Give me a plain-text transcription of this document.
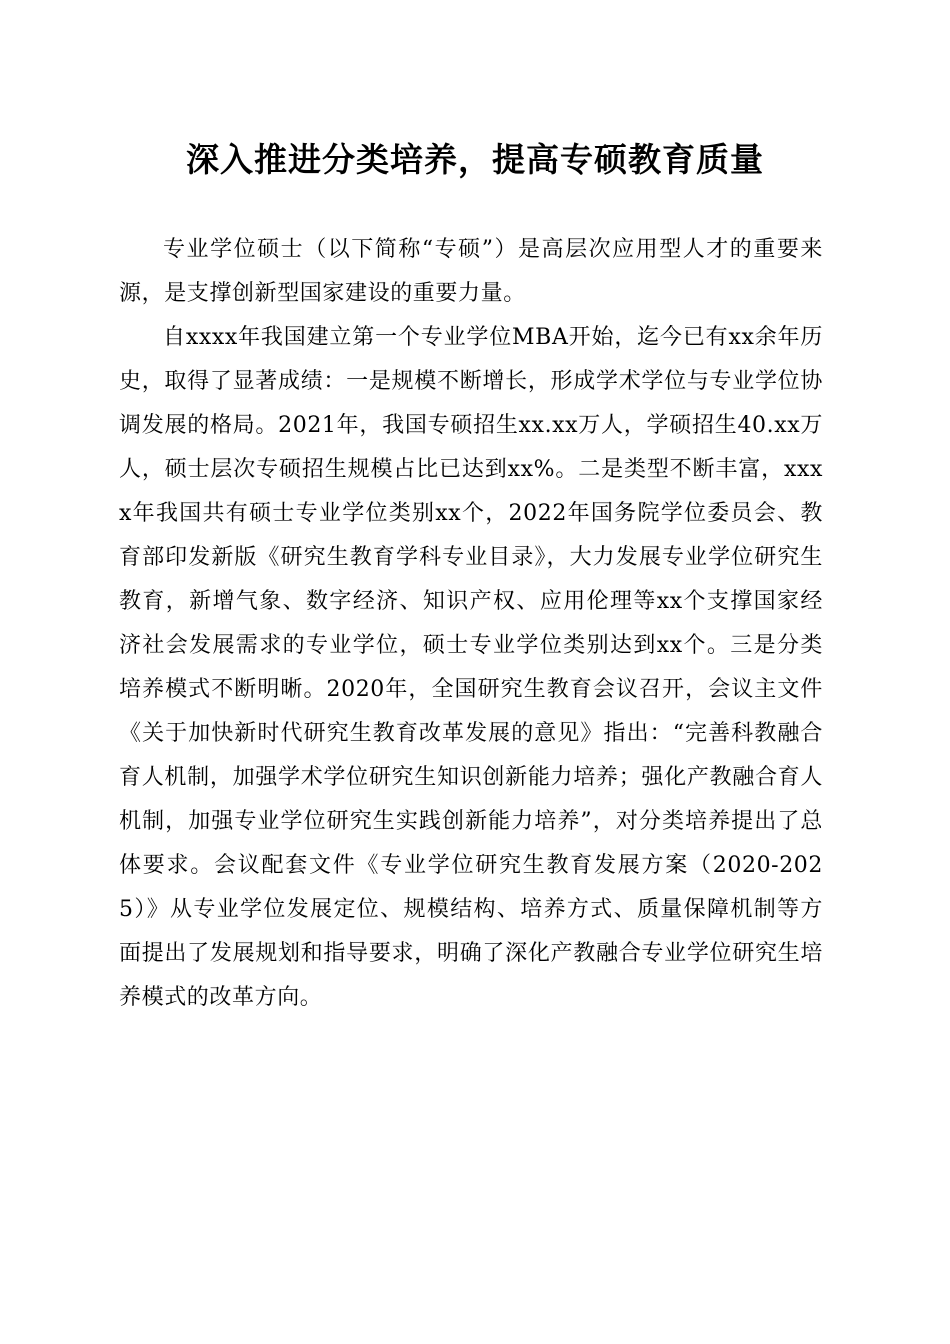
深入推进分类培养，提高专硕教育质量

专业学位硕士（以下简称“专硕”）是高层次应用型人才的重要来源，是支撑创新型国家建设的重要力量。

自xxxx年我国建立第一个专业学位MBA开始，迄今已有xx余年历史，取得了显著成绩：一是规模不断增长，形成学术学位与专业学位协调发展的格局。2021年，我国专硕招生xx.xx万人，学硕招生40.xx万人，硕士层次专硕招生规模占比已达到xx%。二是类型不断丰富，xxxx年我国共有硕士专业学位类别xx个，2022年国务院学位委员会、教育部印发新版《研究生教育学科专业目录》，大力发展专业学位研究生教育，新增气象、数字经济、知识产权、应用伦理等xx个支撑国家经济社会发展需求的专业学位，硕士专业学位类别达到xx个。三是分类培养模式不断明晰。2020年，全国研究生教育会议召开，会议主文件《关于加快新时代研究生教育改革发展的意见》指出：“完善科教融合育人机制，加强学术学位研究生知识创新能力培养；强化产教融合育人机制，加强专业学位研究生实践创新能力培养”，对分类培养提出了总体要求。会议配套文件《专业学位研究生教育发展方案（2020-2025）》从专业学位发展定位、规模结构、培养方式、质量保障机制等方面提出了发展规划和指导要求，明确了深化产教融合专业学位研究生培养模式的改革方向。
